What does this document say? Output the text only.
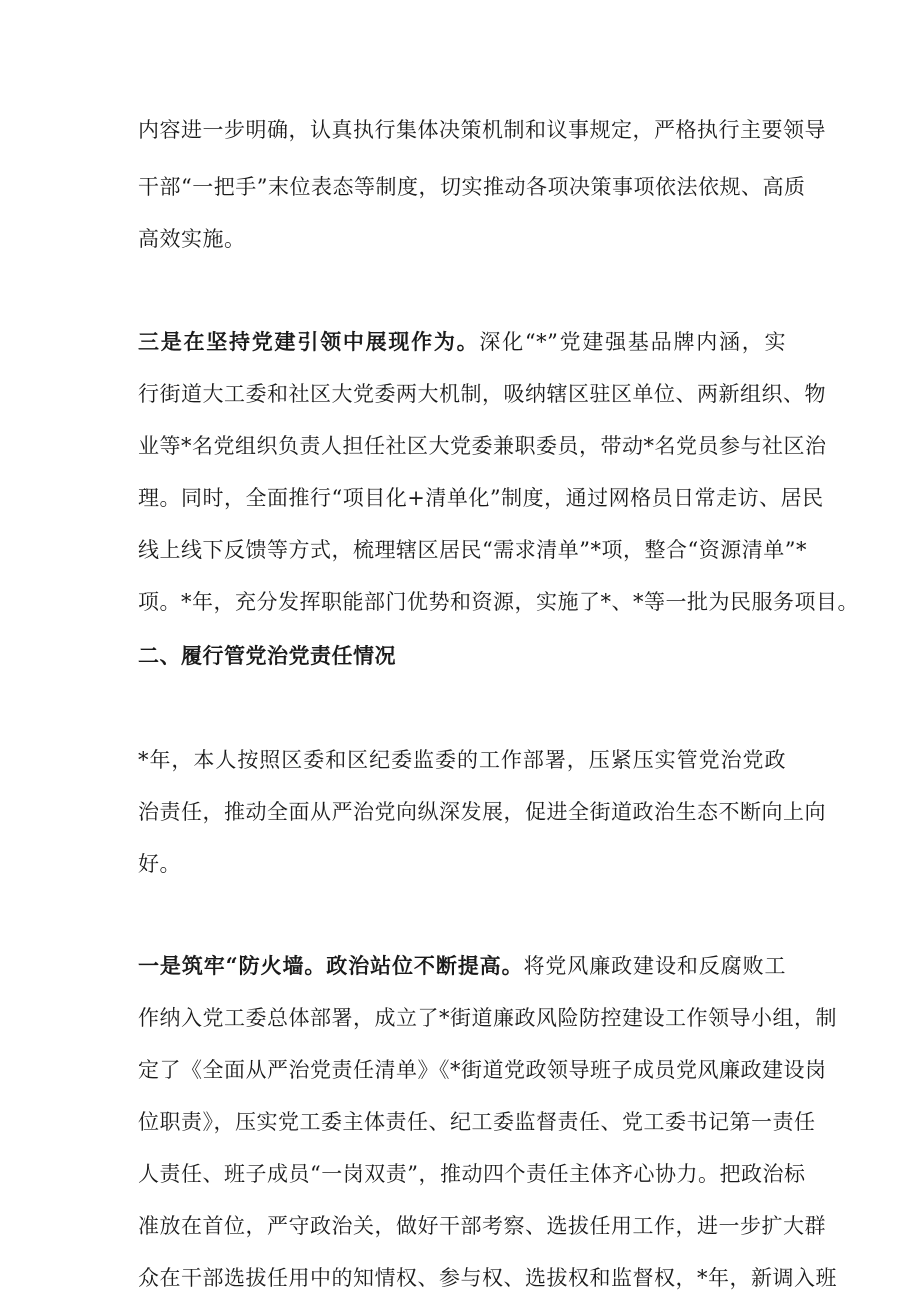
内容进一步明确，认真执行集体决策机制和议事规定，严格执行主要领导
干部“一把手”末位表态等制度，切实推动各项决策事项依法依规、高质
高效实施。
三是在坚持党建引领中展现作为。深化“*”党建强基品牌内涵，实
行街道大工委和社区大党委两大机制，吸纳辖区驻区单位、两新组织、物
业等*名党组织负责人担任社区大党委兼职委员，带动*名党员参与社区治
理。同时，全面推行“项目化+清单化”制度，通过网格员日常走访、居民
线上线下反馈等方式，梳理辖区居民“需求清单”*项，整合“资源清单”*
项。*年，充分发挥职能部门优势和资源，实施了*、*等一批为民服务项目。
二、履行管党治党责任情况
*年，本人按照区委和区纪委监委的工作部署，压紧压实管党治党政
治责任，推动全面从严治党向纵深发展，促进全街道政治生态不断向上向
好。
一是筑牢“防火墙。政治站位不断提高。将党风廉政建设和反腐败工
作纳入党工委总体部署，成立了*街道廉政风险防控建设工作领导小组，制
定了《全面从严治党责任清单》《*街道党政领导班子成员党风廉政建设岗
位职责》，压实党工委主体责任、纪工委监督责任、党工委书记第一责任
人责任、班子成员“一岗双责”，推动四个责任主体齐心协力。把政治标
准放在首位，严守政治关，做好干部考察、选拔任用工作，进一步扩大群
众在干部选拔任用中的知情权、参与权、选拔权和监督权，*年，新调入班
